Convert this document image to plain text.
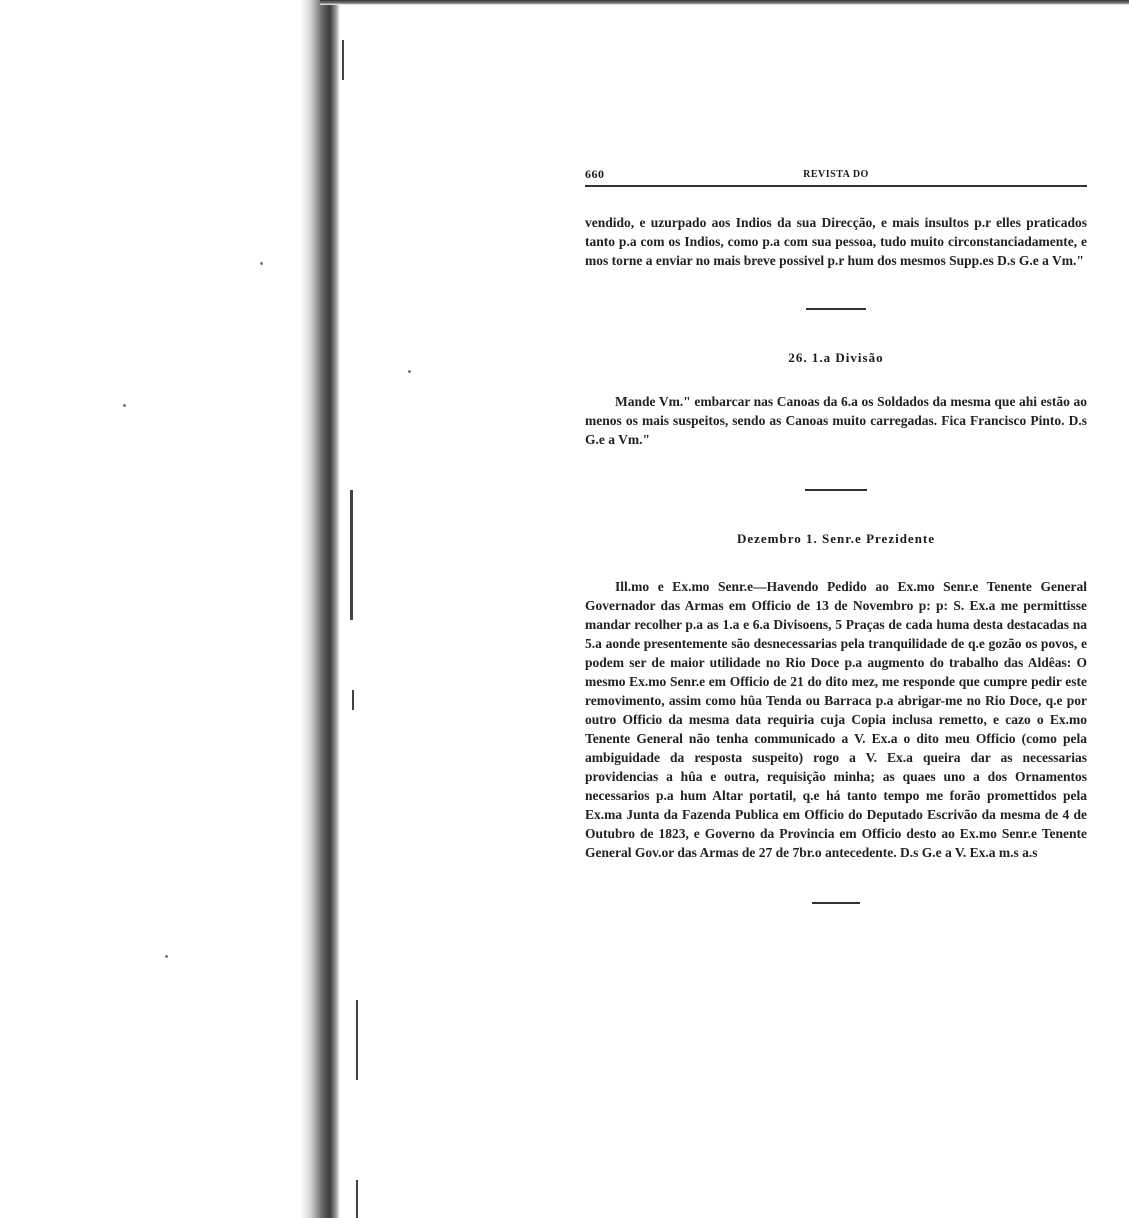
660	REVISTA DO

vendido, e uzurpado aos Indios da sua Direcção, e mais insultos p.r elles praticados tanto p.a com os Indios, como p.a com sua pessoa, tudo muito circonstanciadamente, e mos torne a enviar no mais breve possivel p.r hum dos mesmos Supp.es D.s G.e a Vm."

26. 1.a Divisão

Mande Vm." embarcar nas Canoas da 6.a os Soldados da mesma que ahi estão ao menos os mais suspeitos, sendo as Canoas muito carregadas. Fica Francisco Pinto. D.s G.e a Vm."

Dezembro 1. Senr.e Prezidente

Ill.mo e Ex.mo Senr.e—Havendo Pedido ao Ex.mo Senr.e Tenente General Governador das Armas em Officio de 13 de Novembro p: p: S. Ex.a me permittisse mandar recolher p.a as 1.a e 6.a Divisoens, 5 Praças de cada huma desta destacadas na 5.a aonde presentemente são desnecessarias pela tranquilidade de q.e gozão os povos, e podem ser de maior utilidade no Rio Doce p.a augmento do trabalho das Aldêas: O mesmo Ex.mo Senr.e em Officio de 21 do dito mez, me responde que cumpre pedir este removimento, assim como hûa Tenda ou Barraca p.a abrigar-me no Rio Doce, q.e por outro Officio da mesma data requiria cuja Copia inclusa remetto, e cazo o Ex.mo Tenente General não tenha communicado a V. Ex.a o dito meu Officio (como pela ambiguidade da resposta suspeito) rogo a V. Ex.a queira dar as necessarias providencias a hûa e outra, requisição minha; as quaes uno a dos Ornamentos necessarios p.a hum Altar portatil, q.e há tanto tempo me forão promettidos pela Ex.ma Junta da Fazenda Publica em Officio do Deputado Escrivão da mesma de 4 de Outubro de 1823, e Governo da Provincia em Officio desto ao Ex.mo Senr.e Tenente General Gov.or das Armas de 27 de 7br.o antecedente. D.s G.e a V. Ex.a m.s a.s
